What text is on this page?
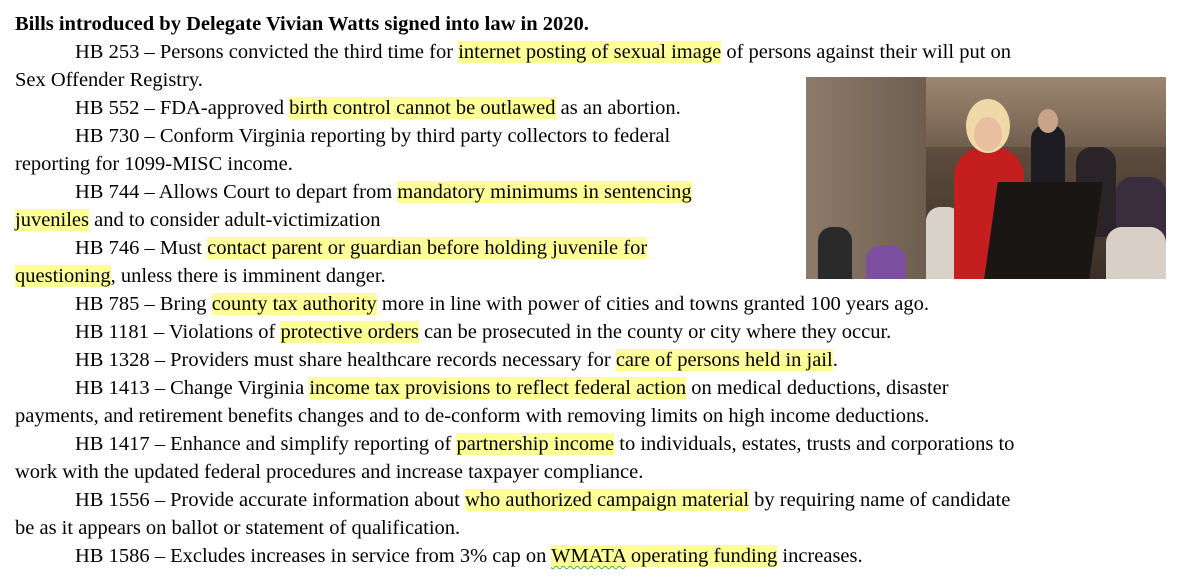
Bills introduced by Delegate Vivian Watts signed into law in 2020.
HB 253 – Persons convicted the third time for internet posting of sexual image of persons against their will put on
Sex Offender Registry.
HB 552 – FDA-approved birth control cannot be outlawed as an abortion.
HB 730 – Conform Virginia reporting by third party collectors to federal
reporting for 1099-MISC income.
HB 744 – Allows Court to depart from mandatory minimums in sentencing
juveniles and to consider adult-victimization
HB 746 – Must contact parent or guardian before holding juvenile for
questioning, unless there is imminent danger.
HB 785 – Bring county tax authority more in line with power of cities and towns granted 100 years ago.
HB 1181 – Violations of protective orders can be prosecuted in the county or city where they occur.
HB 1328 – Providers must share healthcare records necessary for care of persons held in jail.
HB 1413 – Change Virginia income tax provisions to reflect federal action on medical deductions, disaster
payments, and retirement benefits changes and to de-conform with removing limits on high income deductions.
HB 1417 – Enhance and simplify reporting of partnership income to individuals, estates, trusts and corporations to
work with the updated federal procedures and increase taxpayer compliance.
HB 1556 – Provide accurate information about who authorized campaign material by requiring name of candidate
be as it appears on ballot or statement of qualification.
HB 1586 – Excludes increases in service from 3% cap on WMATA operating funding increases.
